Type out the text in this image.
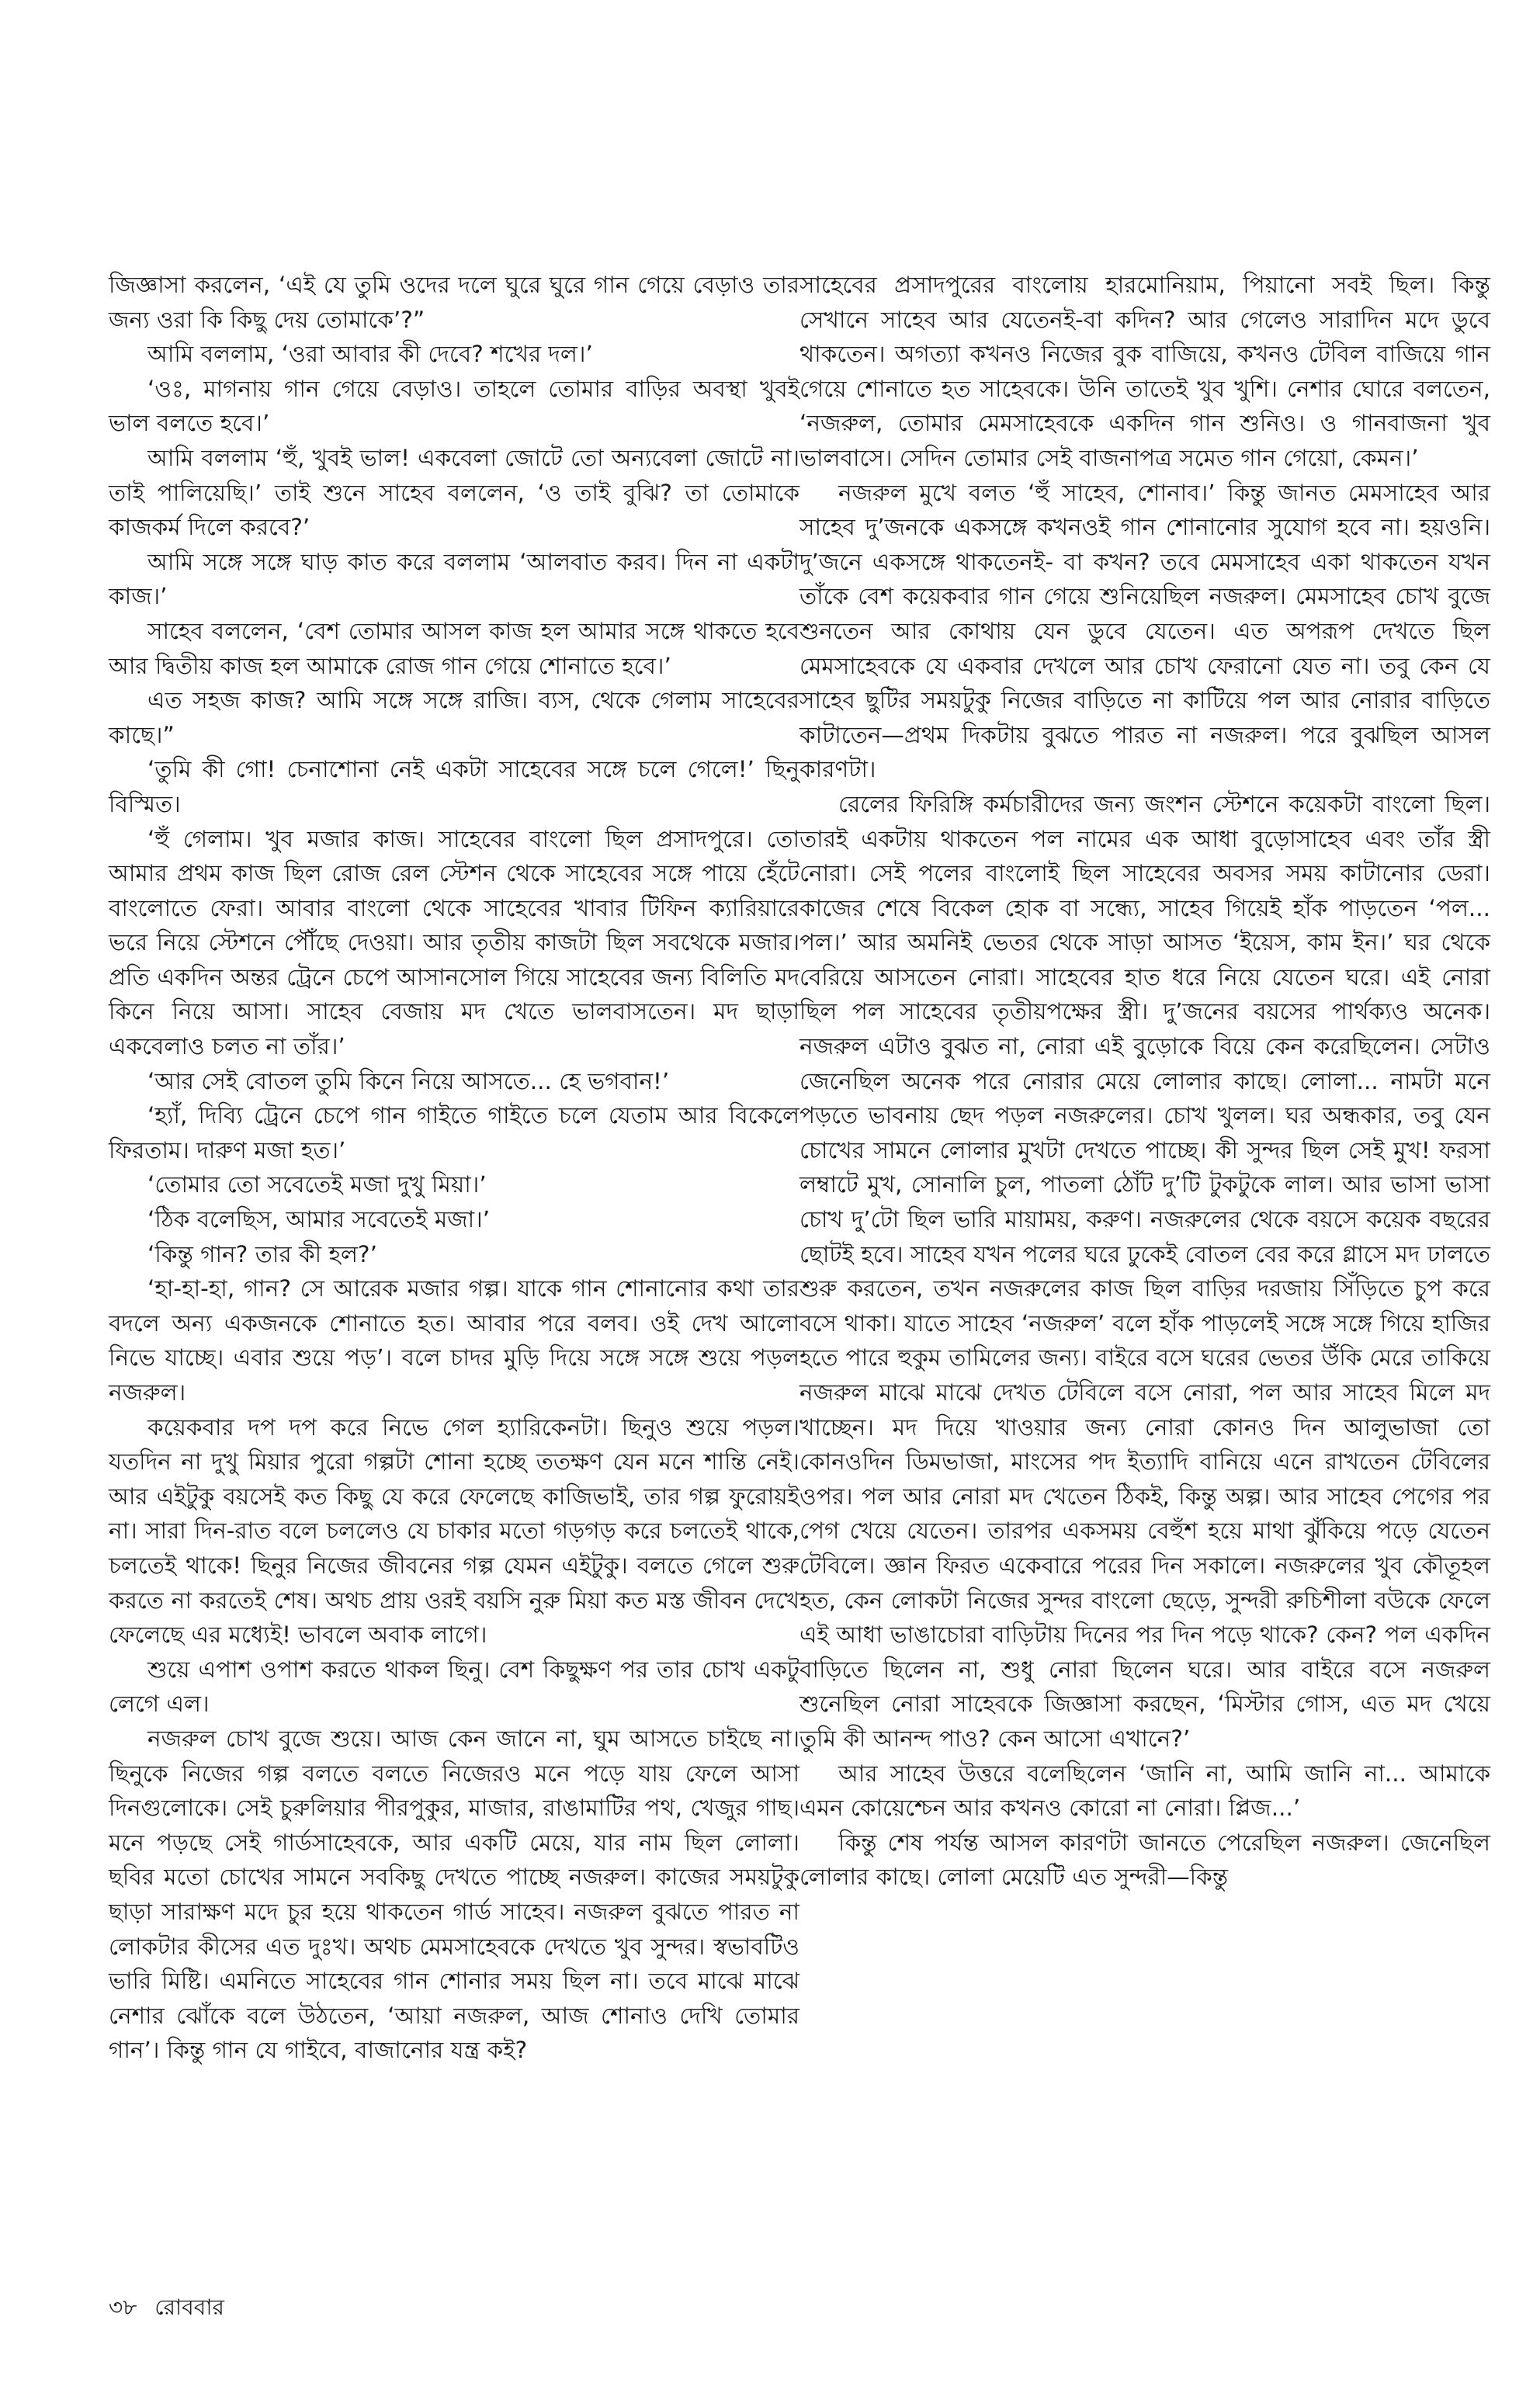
জিজ্ঞাসা করলেন, ‘এই যে তুমি ওদের দলে ঘুরে ঘুরে গান গেয়ে বেড়াও তার জন্য ওরা কি কিছু দেয় তোমাকে’?”

আমি বললাম, ‘ওরা আবার কী দেবে? শখের দল।’

‘ওঃ, মাগনায় গান গেয়ে বেড়াও। তাহলে তোমার বাড়ির অবস্থা খুবই ভাল বলতে হবে।’

আমি বললাম ‘হুঁ, খুবই ভাল! একবেলা জোটে তো অন্যবেলা জোটে না। তাই পালিয়েছি।’ তাই শুনে সাহেব বললেন, ‘ও তাই বুঝি? তা তোমাকে কাজকর্ম দিলে করবে?’

আমি সঙ্গে সঙ্গে ঘাড় কাত করে বললাম ‘আলবাত করব। দিন না একটা কাজ।’

সাহেব বললেন, ‘বেশ তোমার আসল কাজ হল আমার সঙ্গে থাকতে হবে আর দ্বিতীয় কাজ হল আমাকে রোজ গান গেয়ে শোনাতে হবে।’

এত সহজ কাজ? আমি সঙ্গে সঙ্গে রাজি। ব্যস, থেকে গেলাম সাহেবের কাছে।”

‘তুমি কী গো! চেনাশোনা নেই একটা সাহেবের সঙ্গে চলে গেলে!’ ছিনু বিস্মিত।

‘হুঁ গেলাম। খুব মজার কাজ। সাহেবের বাংলো ছিল প্রসাদপুরে। তো আমার প্রথম কাজ ছিল রোজ রেল স্টেশন থেকে সাহেবের সঙ্গে পায়ে হেঁটে বাংলোতে ফেরা। আবার বাংলো থেকে সাহেবের খাবার টিফিন ক্যারিয়ারে ভরে নিয়ে স্টেশনে পৌঁছে দেওয়া। আর তৃতীয় কাজটা ছিল সবথেকে মজার। প্রতি একদিন অন্তর ট্রেনে চেপে আসানসোল গিয়ে সাহেবের জন্য বিলিতি মদ কিনে নিয়ে আসা। সাহেব বেজায় মদ খেতে ভালবাসতেন। মদ ছাড়া একবেলাও চলত না তাঁর।’

‘আর সেই বোতল তুমি কিনে নিয়ে আসতে... হে ভগবান!’

‘হ্যাঁ, দিব্যি ট্রেনে চেপে গান গাইতে গাইতে চলে যেতাম আর বিকেলে ফিরতাম। দারুণ মজা হত।’

‘তোমার তো সবেতেই মজা দুখু মিয়া।’

‘ঠিক বলেছিস, আমার সবেতেই মজা।’

‘কিন্তু গান? তার কী হল?’

‘হা-হা-হা, গান? সে আরেক মজার গল্প। যাকে গান শোনানোর কথা তার বদলে অন্য একজনকে শোনাতে হত। আবার পরে বলব। ওই দেখ আলো নিভে যাচ্ছে। এবার শুয়ে পড়’। বলে চাদর মুড়ি দিয়ে সঙ্গে সঙ্গে শুয়ে পড়ল নজরুল।

কয়েকবার দপ দপ করে নিভে গেল হ্যারিকেনটা। ছিনুও শুয়ে পড়ল। যতদিন না দুখু মিয়ার পুরো গল্পটা শোনা হচ্ছে ততক্ষণ যেন মনে শান্তি নেই। আর এইটুকু বয়সেই কত কিছু যে করে ফেলেছে কাজিভাই, তার গল্প ফুরোয়ই না। সারা দিন-রাত বলে চললেও যে চাকার মতো গড়গড় করে চলতেই থাকে, চলতেই থাকে! ছিনুর নিজের জীবনের গল্প যেমন এইটুকু। বলতে গেলে শুরু করতে না করতেই শেষ। অথচ প্রায় ওরই বয়সি নুরু মিয়া কত মস্ত জীবন দেখে ফেলেছে এর মধ্যেই! ভাবলে অবাক লাগে।

শুয়ে এপাশ ওপাশ করতে থাকল ছিনু। বেশ কিছুক্ষণ পর তার চোখ একটু লেগে এল।

নজরুল চোখ বুজে শুয়ে। আজ কেন জানে না, ঘুম আসতে চাইছে না। ছিনুকে নিজের গল্প বলতে বলতে নিজেরও মনে পড়ে যায় ফেলে আসা দিনগুলোকে। সেই চুরুলিয়ার পীরপুকুর, মাজার, রাঙামাটির পথ, খেজুর গাছ। মনে পড়ছে সেই গার্ডসাহেবকে, আর একটি মেয়ে, যার নাম ছিল লোলা। ছবির মতো চোখের সামনে সবকিছু দেখতে পাচ্ছে নজরুল। কাজের সময়টুকু ছাড়া সারাক্ষণ মদে চুর হয়ে থাকতেন গার্ড সাহেব। নজরুল বুঝতে পারত না লোকটার কীসের এত দুঃখ। অথচ মেমসাহেবকে দেখতে খুব সুন্দর। স্বভাবটিও ভারি মিষ্টি। এমনিতে সাহেবের গান শোনার সময় ছিল না। তবে মাঝে মাঝে নেশার ঝোঁকে বলে উঠতেন, ‘আয়া নজরুল, আজ শোনাও দেখি তোমার গান’। কিন্তু গান যে গাইবে, বাজানোর যন্ত্র কই?

সাহেবের প্রসাদপুরের বাংলোয় হারমোনিয়াম, পিয়ানো সবই ছিল। কিন্তু সেখানে সাহেব আর যেতেনই-বা কদিন? আর গেলেও সারাদিন মদে ডুবে থাকতেন। অগত্যা কখনও নিজের বুক বাজিয়ে, কখনও টেবিল বাজিয়ে গান গেয়ে শোনাতে হত সাহেবকে। উনি তাতেই খুব খুশি। নেশার ঘোরে বলতেন, ‘নজরুল, তোমার মেমসাহেবকে একদিন গান শুনিও। ও গানবাজনা খুব ভালবাসে। সেদিন তোমার সেই বাজনাপত্র সমেত গান গেয়ো, কেমন।’

নজরুল মুখে বলত ‘হুঁ সাহেব, শোনাব।’ কিন্তু জানত মেমসাহেব আর সাহেব দু’জনকে একসঙ্গে কখনওই গান শোনানোর সুযোগ হবে না। হয়ওনি। দু’জনে একসঙ্গে থাকতেনই- বা কখন? তবে মেমসাহেব একা থাকতেন যখন তাঁকে বেশ কয়েকবার গান গেয়ে শুনিয়েছিল নজরুল। মেমসাহেব চোখ বুজে শুনতেন আর কোথায় যেন ডুবে যেতেন। এত অপরূপ দেখতে ছিল মেমসাহেবকে যে একবার দেখলে আর চোখ ফেরানো যেত না। তবু কেন যে সাহেব ছুটির সময়টুকু নিজের বাড়িতে না কাটিয়ে পল আর নোরার বাড়িতে কাটাতেন—প্রথম দিকটায় বুঝতে পারত না নজরুল। পরে বুঝছিল আসল কারণটা।

রেলের ফিরিঙ্গি কর্মচারীদের জন্য জংশন স্টেশনে কয়েকটা বাংলো ছিল। তারই একটায় থাকতেন পল নামের এক আধা বুড়োসাহেব এবং তাঁর স্ত্রী নোরা। সেই পলের বাংলোই ছিল সাহেবের অবসর সময় কাটানোর ডেরা। কাজের শেষে বিকেল হোক বা সন্ধ্যে, সাহেব গিয়েই হাঁক পাড়তেন ‘পল... পল।’ আর অমনিই ভেতর থেকে সাড়া আসত ‘ইয়েস, কাম ইন।’ ঘর থেকে বেরিয়ে আসতেন নোরা। সাহেবের হাত ধরে নিয়ে যেতেন ঘরে। এই নোরা ছিল পল সাহেবের তৃতীয়পক্ষের স্ত্রী। দু’জনের বয়সের পার্থক্যও অনেক। নজরুল এটাও বুঝত না, নোরা এই বুড়োকে বিয়ে কেন করেছিলেন। সেটাও জেনেছিল অনেক পরে নোরার মেয়ে লোলার কাছে। লোলা... নামটা মনে পড়তে ভাবনায় ছেদ পড়ল নজরুলের। চোখ খুলল। ঘর অন্ধকার, তবু যেন চোখের সামনে লোলার মুখটা দেখতে পাচ্ছে। কী সুন্দর ছিল সেই মুখ! ফরসা লম্বাটে মুখ, সোনালি চুল, পাতলা ঠোঁট দু’টি টুকটুকে লাল। আর ভাসা ভাসা চোখ দু’টো ছিল ভারি মায়াময়, করুণ। নজরুলের থেকে বয়সে কয়েক বছরের ছোটই হবে। সাহেব যখন পলের ঘরে ঢুকেই বোতল বের করে গ্লাসে মদ ঢালতে শুরু করতেন, তখন নজরুলের কাজ ছিল বাড়ির দরজায় সিঁড়িতে চুপ করে বসে থাকা। যাতে সাহেব ‘নজরুল’ বলে হাঁক পাড়লেই সঙ্গে সঙ্গে গিয়ে হাজির হতে পারে হুকুম তামিলের জন্য। বাইরে বসে ঘরের ভেতর উঁকি মেরে তাকিয়ে নজরুল মাঝে মাঝে দেখত টেবিলে বসে নোরা, পল আর সাহেব মিলে মদ খাচ্ছেন। মদ দিয়ে খাওয়ার জন্য নোরা কোনও দিন আলুভাজা তো কোনওদিন ডিমভাজা, মাংসের পদ ইত্যাদি বানিয়ে এনে রাখতেন টেবিলের ওপর। পল আর নোরা মদ খেতেন ঠিকই, কিন্তু অল্প। আর সাহেব পেগের পর পেগ খেয়ে যেতেন। তারপর একসময় বেহুঁশ হয়ে মাথা ঝুঁকিয়ে পড়ে যেতেন টেবিলে। জ্ঞান ফিরত একেবারে পরের দিন সকালে। নজরুলের খুব কৌতূহল হত, কেন লোকটা নিজের সুন্দর বাংলো ছেড়ে, সুন্দরী রুচিশীলা বউকে ফেলে এই আধা ভাঙাচোরা বাড়িটায় দিনের পর দিন পড়ে থাকে? কেন? পল একদিন বাড়িতে ছিলেন না, শুধু নোরা ছিলেন ঘরে। আর বাইরে বসে নজরুল শুনেছিল নোরা সাহেবকে জিজ্ঞাসা করছেন, ‘মিস্টার গোস, এত মদ খেয়ে তুমি কী আনন্দ পাও? কেন আসো এখানে?’

আর সাহেব উত্তরে বলেছিলেন ‘জানি না, আমি জানি না... আমাকে এমন কোয়েশ্চেন আর কখনও কোরো না নোরা। প্লিজ...’

কিন্তু শেষ পর্যন্ত আসল কারণটা জানতে পেরেছিল নজরুল। জেনেছিল লোলার কাছে। লোলা মেয়েটি এত সুন্দরী—কিন্তু

৩৮ রোববার
